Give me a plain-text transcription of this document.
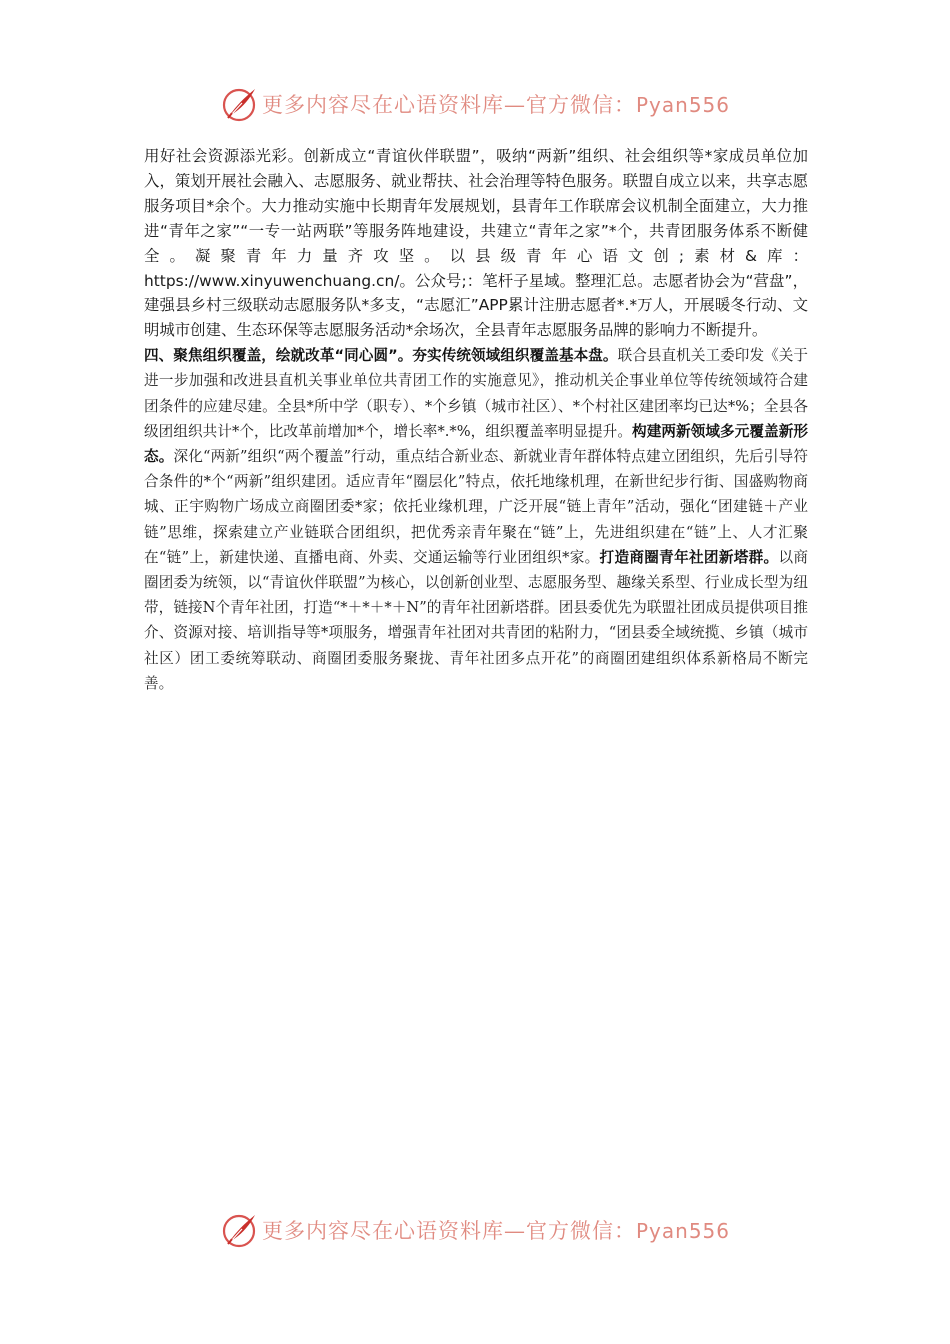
更多内容尽在心语资料库—官方微信：Pyan556

用好社会资源添光彩。创新成立“青谊伙伴联盟”，吸纳“两新”组织、社会组织等*家成员单位加入，策划开展社会融入、志愿服务、就业帮扶、社会治理等特色服务。联盟自成立以来，共享志愿服务项目*余个。大力推动实施中长期青年发展规划，县青年工作联席会议机制全面建立，大力推进“青年之家”“一专一站两联”等服务阵地建设，共建立“青年之家”*个，共青团服务体系不断健全。凝聚青年力量齐攻坚。以县级青年心语文创;素材&库：https://www.xinyuwenchuang.cn/。公众号;：笔杆子星域。整理汇总。志愿者协会为“营盘”，建强县乡村三级联动志愿服务队*多支，“志愿汇”APP累计注册志愿者*.*万人，开展暖冬行动、文明城市创建、生态环保等志愿服务活动*余场次，全县青年志愿服务品牌的影响力不断提升。

四、聚焦组织覆盖，绘就改革“同心圆”。夯实传统领域组织覆盖基本盘。联合县直机关工委印发《关于进一步加强和改进县直机关事业单位共青团工作的实施意见》，推动机关企事业单位等传统领域符合建团条件的应建尽建。全县*所中学（职专）、*个乡镇（城市社区）、*个村社区建团率均已达*%；全县各级团组织共计*个，比改革前增加*个，增长率*.*%，组织覆盖率明显提升。构建两新领域多元覆盖新形态。深化“两新”组织“两个覆盖”行动，重点结合新业态、新就业青年群体特点建立团组织，先后引导符合条件的*个“两新”组织建团。适应青年“圈层化”特点，依托地缘机理，在新世纪步行街、国盛购物商城、正宇购物广场成立商圈团委*家；依托业缘机理，广泛开展“链上青年”活动，强化“团建链＋产业链”思维，探索建立产业链联合团组织，把优秀亲青年聚在“链”上，先进组织建在“链”上、人才汇聚在“链”上，新建快递、直播电商、外卖、交通运输等行业团组织*家。打造商圈青年社团新塔群。以商圈团委为统领，以“青谊伙伴联盟”为核心，以创新创业型、志愿服务型、趣缘关系型、行业成长型为纽带，链接N个青年社团，打造“*＋*＋*＋N”的青年社团新塔群。团县委优先为联盟社团成员提供项目推介、资源对接、培训指导等*项服务，增强青年社团对共青团的粘附力，“团县委全域统揽、乡镇（城市社区）团工委统筹联动、商圈团委服务聚拢、青年社团多点开花”的商圈团建组织体系新格局不断完善。

更多内容尽在心语资料库—官方微信：Pyan556
